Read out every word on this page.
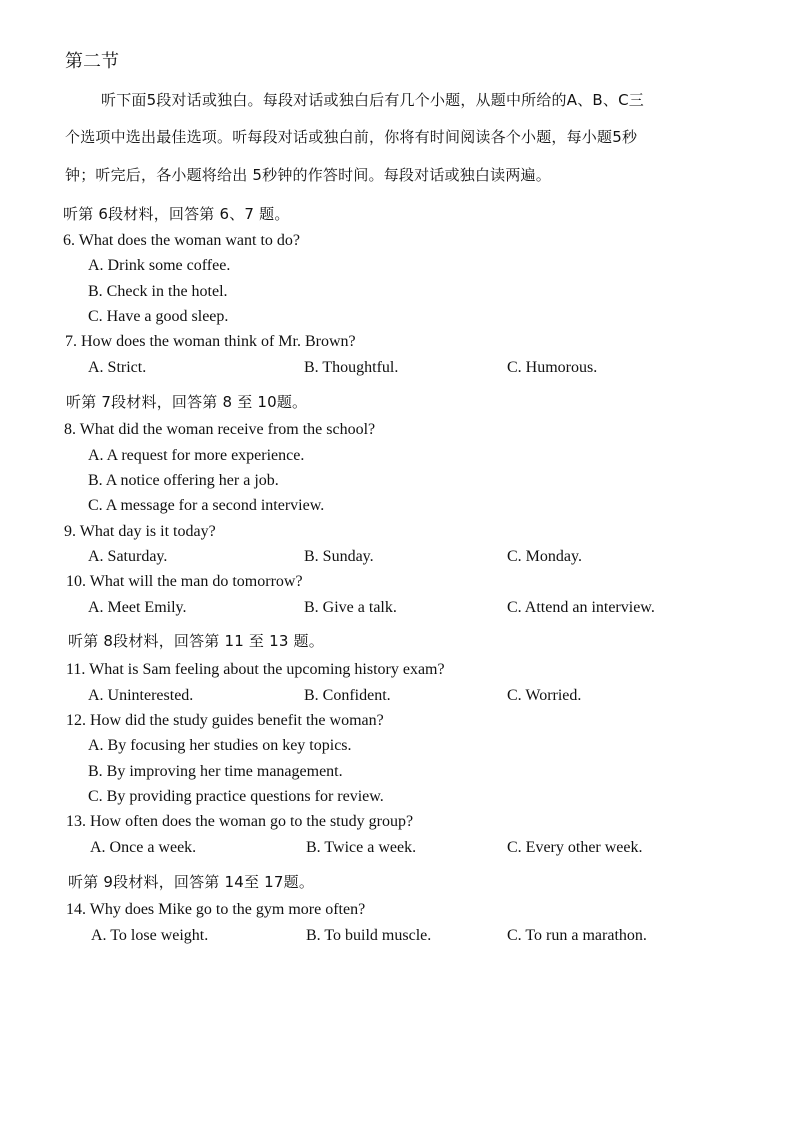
第二节
听下面5段对话或独白。每段对话或独白后有几个小题，从题中所给的A、B、C三
个选项中选出最佳选项。听每段对话或独白前，你将有时间阅读各个小题，每小题5秒
钟；听完后，各小题将给出 5秒钟的作答时间。每段对话或独白读两遍。
听第 6段材料，回答第 6、7 题。
6. What does the woman want to do?
A. Drink some coffee.
B. Check in the hotel.
C. Have a good sleep.
7. How does the woman think of Mr. Brown?
A. Strict.	B. Thoughtful.	C. Humorous.
听第 7段材料，回答第 8 至 10题。
8. What did the woman receive from the school?
A. A request for more experience.
B. A notice offering her a job.
C. A message for a second interview.
9. What day is it today?
A. Saturday.	B. Sunday.	C. Monday.
10. What will the man do tomorrow?
A. Meet Emily.	B. Give a talk.	C. Attend an interview.
听第 8段材料，回答第 11 至 13 题。
11. What is Sam feeling about the upcoming history exam?
A. Uninterested.	B. Confident.	C. Worried.
12. How did the study guides benefit the woman?
A. By focusing her studies on key topics.
B. By improving her time management.
C. By providing practice questions for review.
13. How often does the woman go to the study group?
A. Once a week.	B. Twice a week.	C. Every other week.
听第 9段材料，回答第 14至 17题。
14. Why does Mike go to the gym more often?
A. To lose weight.	B. To build muscle.	C. To run a marathon.
